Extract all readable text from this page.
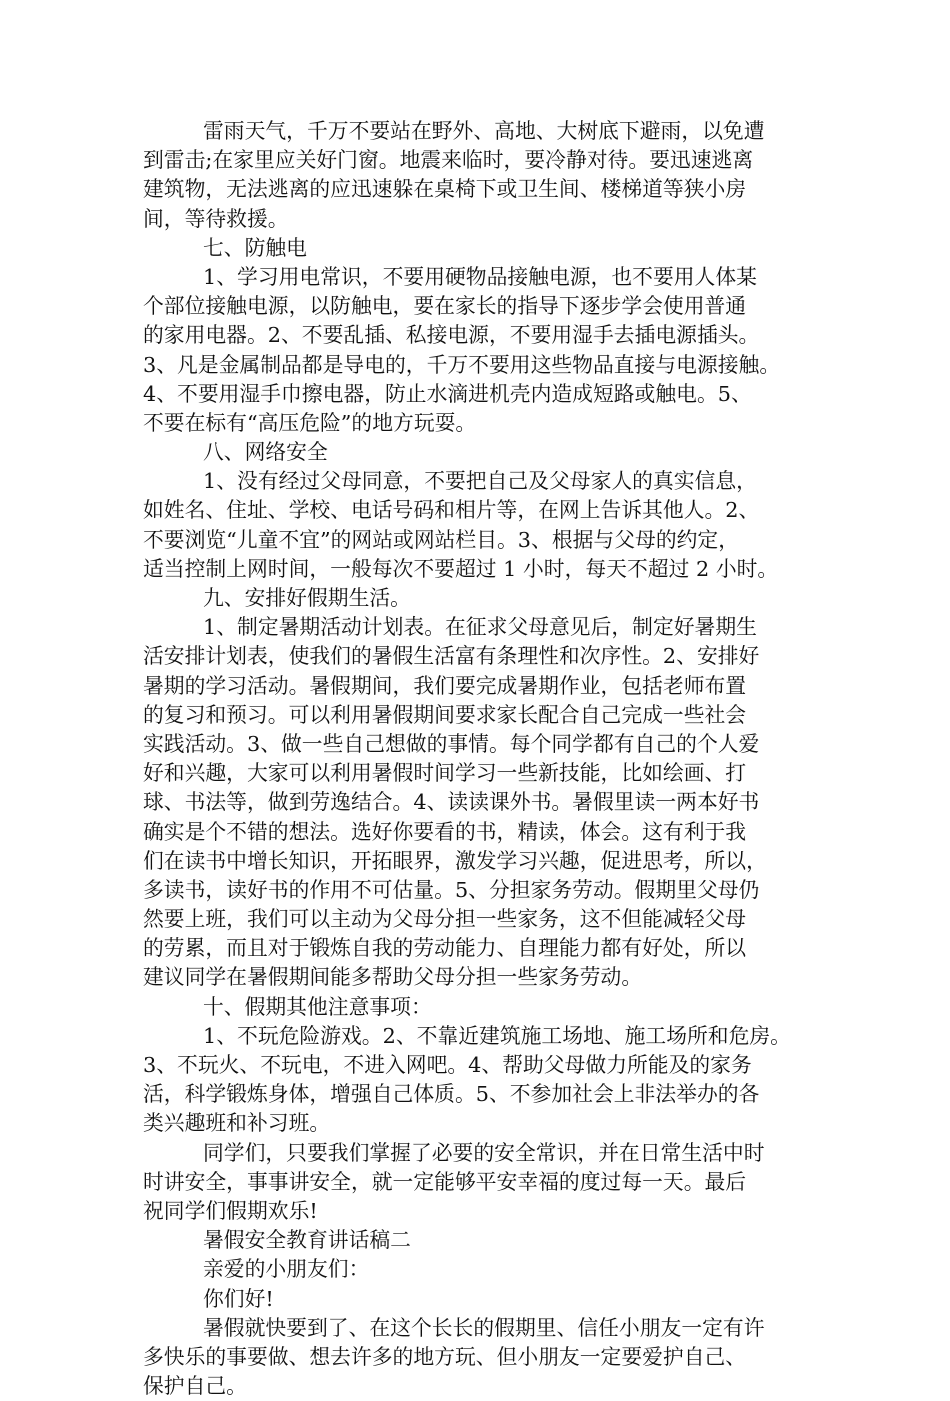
雷雨天气，千万不要站在野外、高地、大树底下避雨，以免遭
到雷击;在家里应关好门窗。地震来临时，要冷静对待。要迅速逃离
建筑物，无法逃离的应迅速躲在桌椅下或卫生间、楼梯道等狭小房
间，等待救援。
七、防触电
1、学习用电常识，不要用硬物品接触电源，也不要用人体某
个部位接触电源，以防触电，要在家长的指导下逐步学会使用普通
的家用电器。2、不要乱插、私接电源，不要用湿手去插电源插头。
3、凡是金属制品都是导电的，千万不要用这些物品直接与电源接触。
4、不要用湿手巾擦电器，防止水滴进机壳内造成短路或触电。5、
不要在标有“高压危险”的地方玩耍。
八、网络安全
1、没有经过父母同意，不要把自己及父母家人的真实信息，
如姓名、住址、学校、电话号码和相片等，在网上告诉其他人。2、
不要浏览“儿童不宜”的网站或网站栏目。3、根据与父母的约定，
适当控制上网时间，一般每次不要超过 1 小时，每天不超过 2 小时。
九、安排好假期生活。
1、制定暑期活动计划表。在征求父母意见后，制定好暑期生
活安排计划表，使我们的暑假生活富有条理性和次序性。2、安排好
暑期的学习活动。暑假期间，我们要完成暑期作业，包括老师布置
的复习和预习。可以利用暑假期间要求家长配合自己完成一些社会
实践活动。3、做一些自己想做的事情。每个同学都有自己的个人爱
好和兴趣，大家可以利用暑假时间学习一些新技能，比如绘画、打
球、书法等，做到劳逸结合。4、读读课外书。暑假里读一两本好书
确实是个不错的想法。选好你要看的书，精读，体会。这有利于我
们在读书中增长知识，开拓眼界，激发学习兴趣，促进思考，所以，
多读书，读好书的作用不可估量。5、分担家务劳动。假期里父母仍
然要上班，我们可以主动为父母分担一些家务，这不但能减轻父母
的劳累，而且对于锻炼自我的劳动能力、自理能力都有好处，所以
建议同学在暑假期间能多帮助父母分担一些家务劳动。
十、假期其他注意事项：
1、不玩危险游戏。2、不靠近建筑施工场地、施工场所和危房。
3、不玩火、不玩电，不进入网吧。4、帮助父母做力所能及的家务
活，科学锻炼身体，增强自己体质。5、不参加社会上非法举办的各
类兴趣班和补习班。
同学们，只要我们掌握了必要的安全常识，并在日常生活中时
时讲安全，事事讲安全，就一定能够平安幸福的度过每一天。最后
祝同学们假期欢乐!
暑假安全教育讲话稿二
亲爱的小朋友们：
你们好!
暑假就快要到了、在这个长长的假期里、信任小朋友一定有许
多快乐的事要做、想去许多的地方玩、但小朋友一定要爱护自己、
保护自己。
